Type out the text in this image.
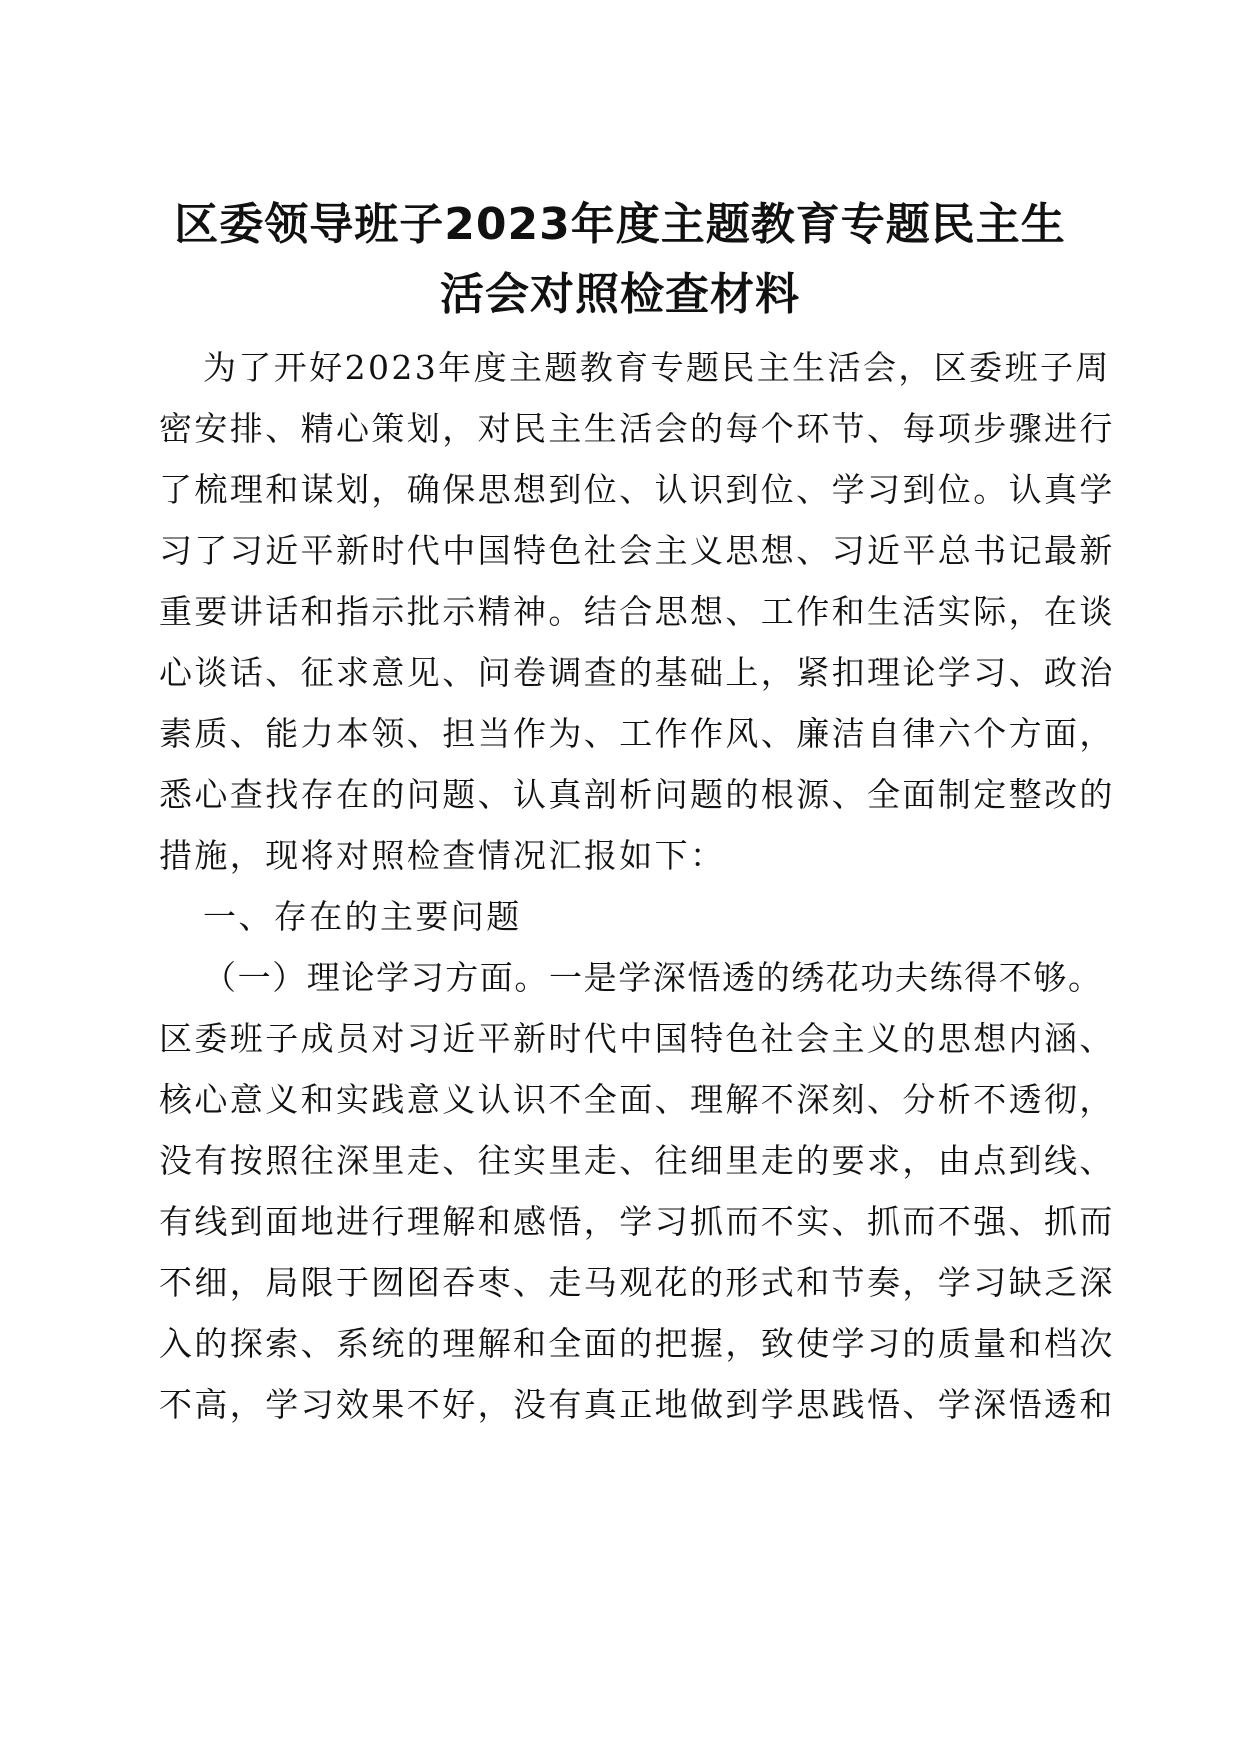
区委领导班子2023年度主题教育专题民主生
活会对照检查材料
为了开好2023年度主题教育专题民主生活会，区委班子周
密安排、精心策划，对民主生活会的每个环节、每项步骤进行
了梳理和谋划，确保思想到位、认识到位、学习到位。认真学
习了习近平新时代中国特色社会主义思想、习近平总书记最新
重要讲话和指示批示精神。结合思想、工作和生活实际，在谈
心谈话、征求意见、问卷调查的基础上，紧扣理论学习、政治
素质、能力本领、担当作为、工作作风、廉洁自律六个方面，
悉心查找存在的问题、认真剖析问题的根源、全面制定整改的
措施，现将对照检查情况汇报如下：
一、存在的主要问题
（一）理论学习方面。一是学深悟透的绣花功夫练得不够。
区委班子成员对习近平新时代中国特色社会主义的思想内涵、
核心意义和实践意义认识不全面、理解不深刻、分析不透彻，
没有按照往深里走、往实里走、往细里走的要求，由点到线、
有线到面地进行理解和感悟，学习抓而不实、抓而不强、抓而
不细，局限于囫囵吞枣、走马观花的形式和节奏，学习缺乏深
入的探索、系统的理解和全面的把握，致使学习的质量和档次
不高，学习效果不好，没有真正地做到学思践悟、学深悟透和
